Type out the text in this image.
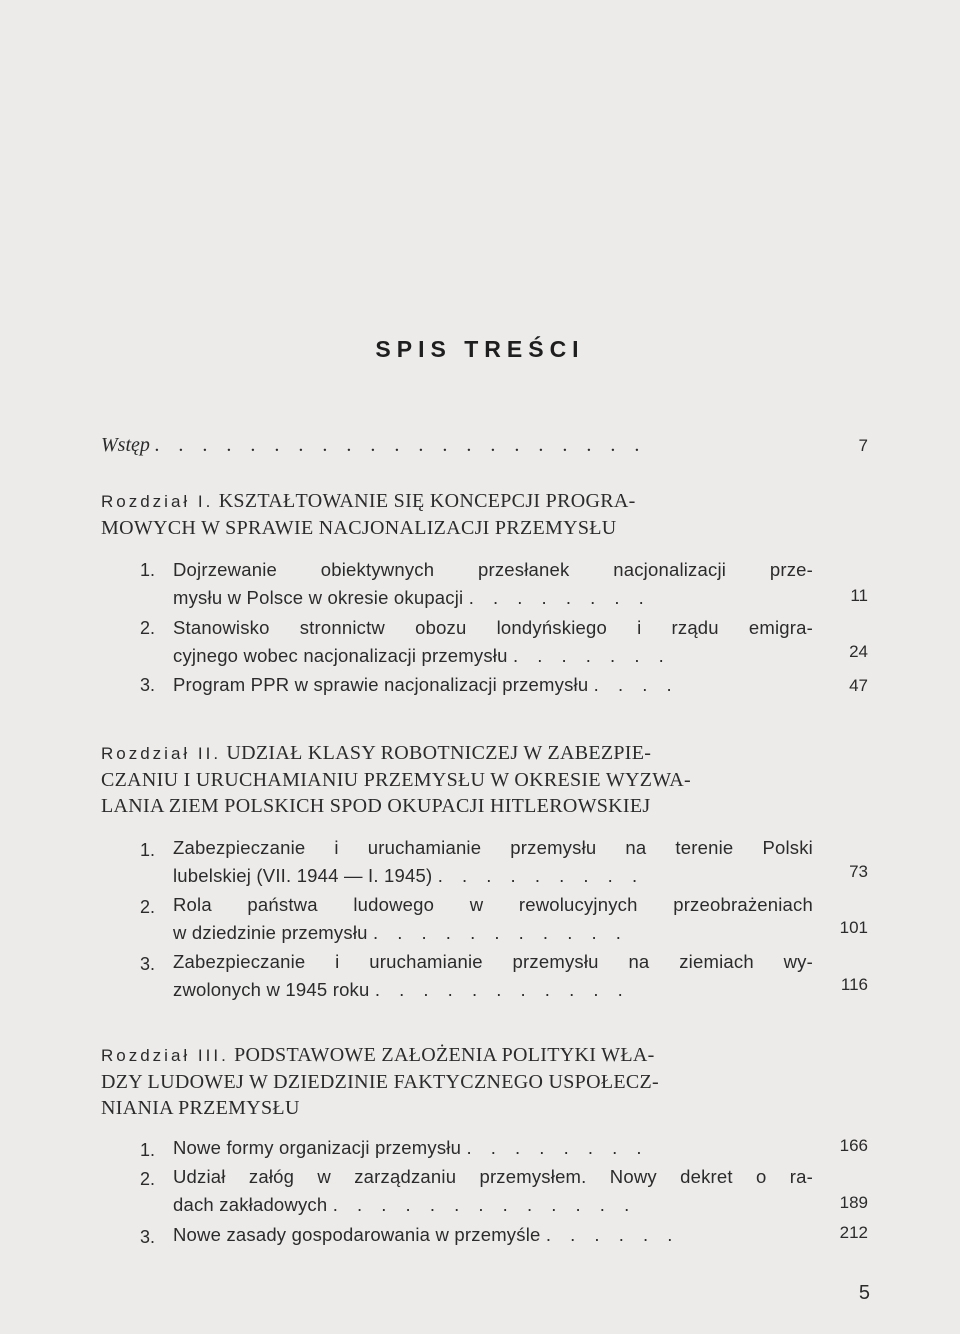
SPIS TREŚCI
Wstęp . . . . . . . . . . . . . . . . . . . . .	7
Rozdział I. KSZTAŁTOWANIE SIĘ KONCEPCJI PROGRA-
MOWYCH W SPRAWIE NACJONALIZACJI PRZEMYSŁU
1. Dojrzewanie obiektywnych przesłanek nacjonalizacji prze-
mysłu w Polsce w okresie okupacji . . . . . . . .	11
2. Stanowisko stronnictw obozu londyńskiego i rządu emigra-
cyjnego wobec nacjonalizacji przemysłu . . . . . . .	24
3. Program PPR w sprawie nacjonalizacji przemysłu . . . .	47
Rozdział II. UDZIAŁ KLASY ROBOTNICZEJ W ZABEZPIE-
CZANIU I URUCHAMIANIU PRZEMYSŁU W OKRESIE WYZWA-
LANIA ZIEM POLSKICH SPOD OKUPACJI HITLEROWSKIEJ
1. Zabezpieczanie i uruchamianie przemysłu na terenie Polski
lubelskiej (VII. 1944 — I. 1945) . . . . . . . . .	73
2. Rola państwa ludowego w rewolucyjnych przeobrażeniach
w dziedzinie przemysłu . . . . . . . . . . .	101
3. Zabezpieczanie i uruchamianie przemysłu na ziemiach wy-
zwolonych w 1945 roku . . . . . . . . . . .	116
Rozdział III. PODSTAWOWE ZAŁOŻENIA POLITYKI WŁA-
DZY LUDOWEJ W DZIEDZINIE FAKTYCZNEGO USPOŁECZ-
NIANIA PRZEMYSŁU
1. Nowe formy organizacji przemysłu . . . . . . . .	166
2. Udział załóg w zarządzaniu przemysłem. Nowy dekret o ra-
dach zakładowych . . . . . . . . . . . . .	189
3. Nowe zasady gospodarowania w przemyśle . . . . . .	212
5
